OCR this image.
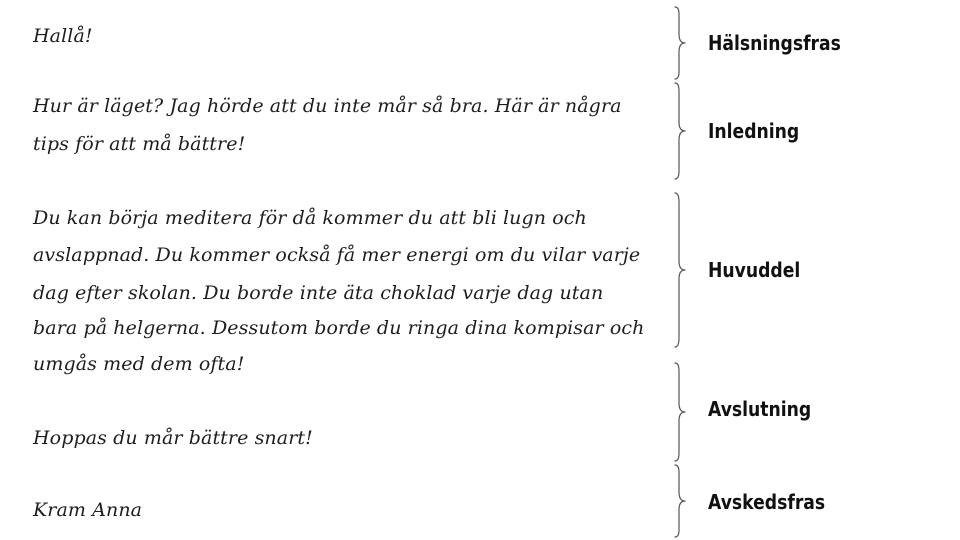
Hallå!
Hur är läget? Jag hörde att du inte mår så bra. Här är några
tips för att må bättre!
Du kan börja meditera för då kommer du att bli lugn och
avslappnad. Du kommer också få mer energi om du vilar varje
dag efter skolan. Du borde inte äta choklad varje dag utan
bara på helgerna. Dessutom borde du ringa dina kompisar och
umgås med dem ofta!
Hoppas du mår bättre snart!
Kram Anna
Hälsningsfras
Inledning
Huvuddel
Avslutning
Avskedsfras
